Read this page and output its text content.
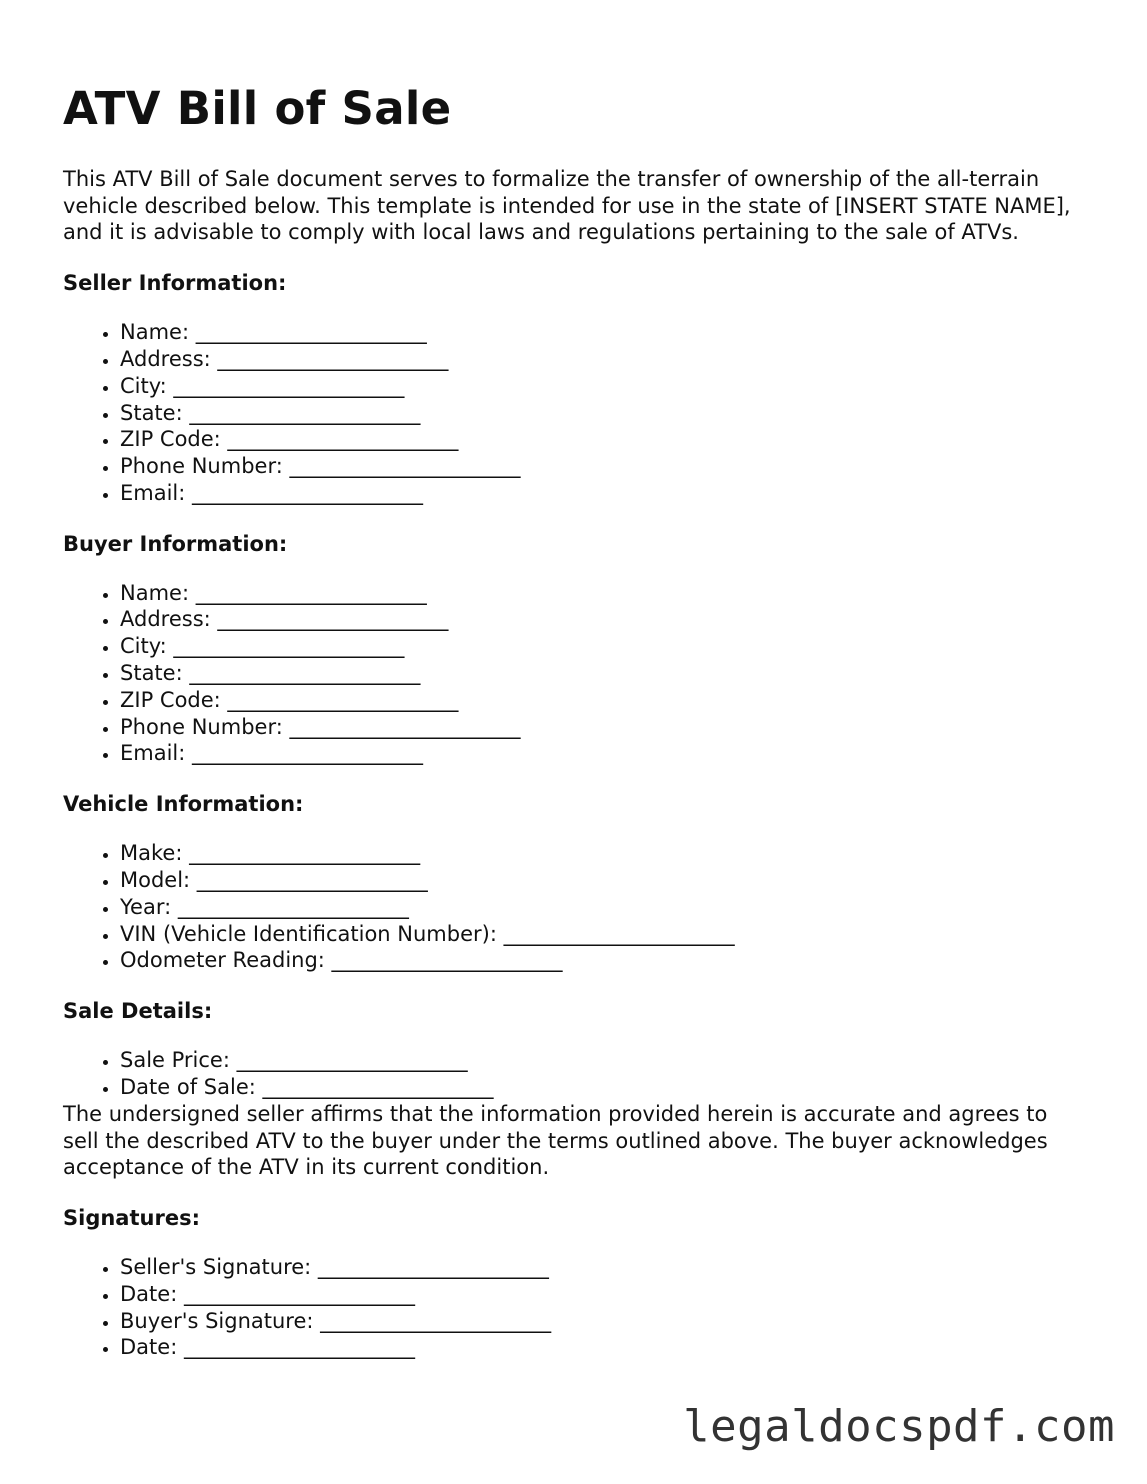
ATV Bill of Sale

This ATV Bill of Sale document serves to formalize the transfer of ownership of the all-terrain vehicle described below. This template is intended for use in the state of [INSERT STATE NAME], and it is advisable to comply with local laws and regulations pertaining to the sale of ATVs.

Seller Information:
• Name: ______________________
• Address: ______________________
• City: ______________________
• State: ______________________
• ZIP Code: ______________________
• Phone Number: ______________________
• Email: ______________________
Buyer Information:
• Name: ______________________
• Address: ______________________
• City: ______________________
• State: ______________________
• ZIP Code: ______________________
• Phone Number: ______________________
• Email: ______________________
Vehicle Information:
• Make: ______________________
• Model: ______________________
• Year: ______________________
• VIN (Vehicle Identification Number): ______________________
• Odometer Reading: ______________________
Sale Details:
• Sale Price: ______________________
• Date of Sale: ______________________

The undersigned seller affirms that the information provided herein is accurate and agrees to sell the described ATV to the buyer under the terms outlined above. The buyer acknowledges acceptance of the ATV in its current condition.

Signatures:
• Seller's Signature: ______________________
• Date: ______________________
• Buyer's Signature: ______________________
• Date: ______________________
legaldocspdf.com
